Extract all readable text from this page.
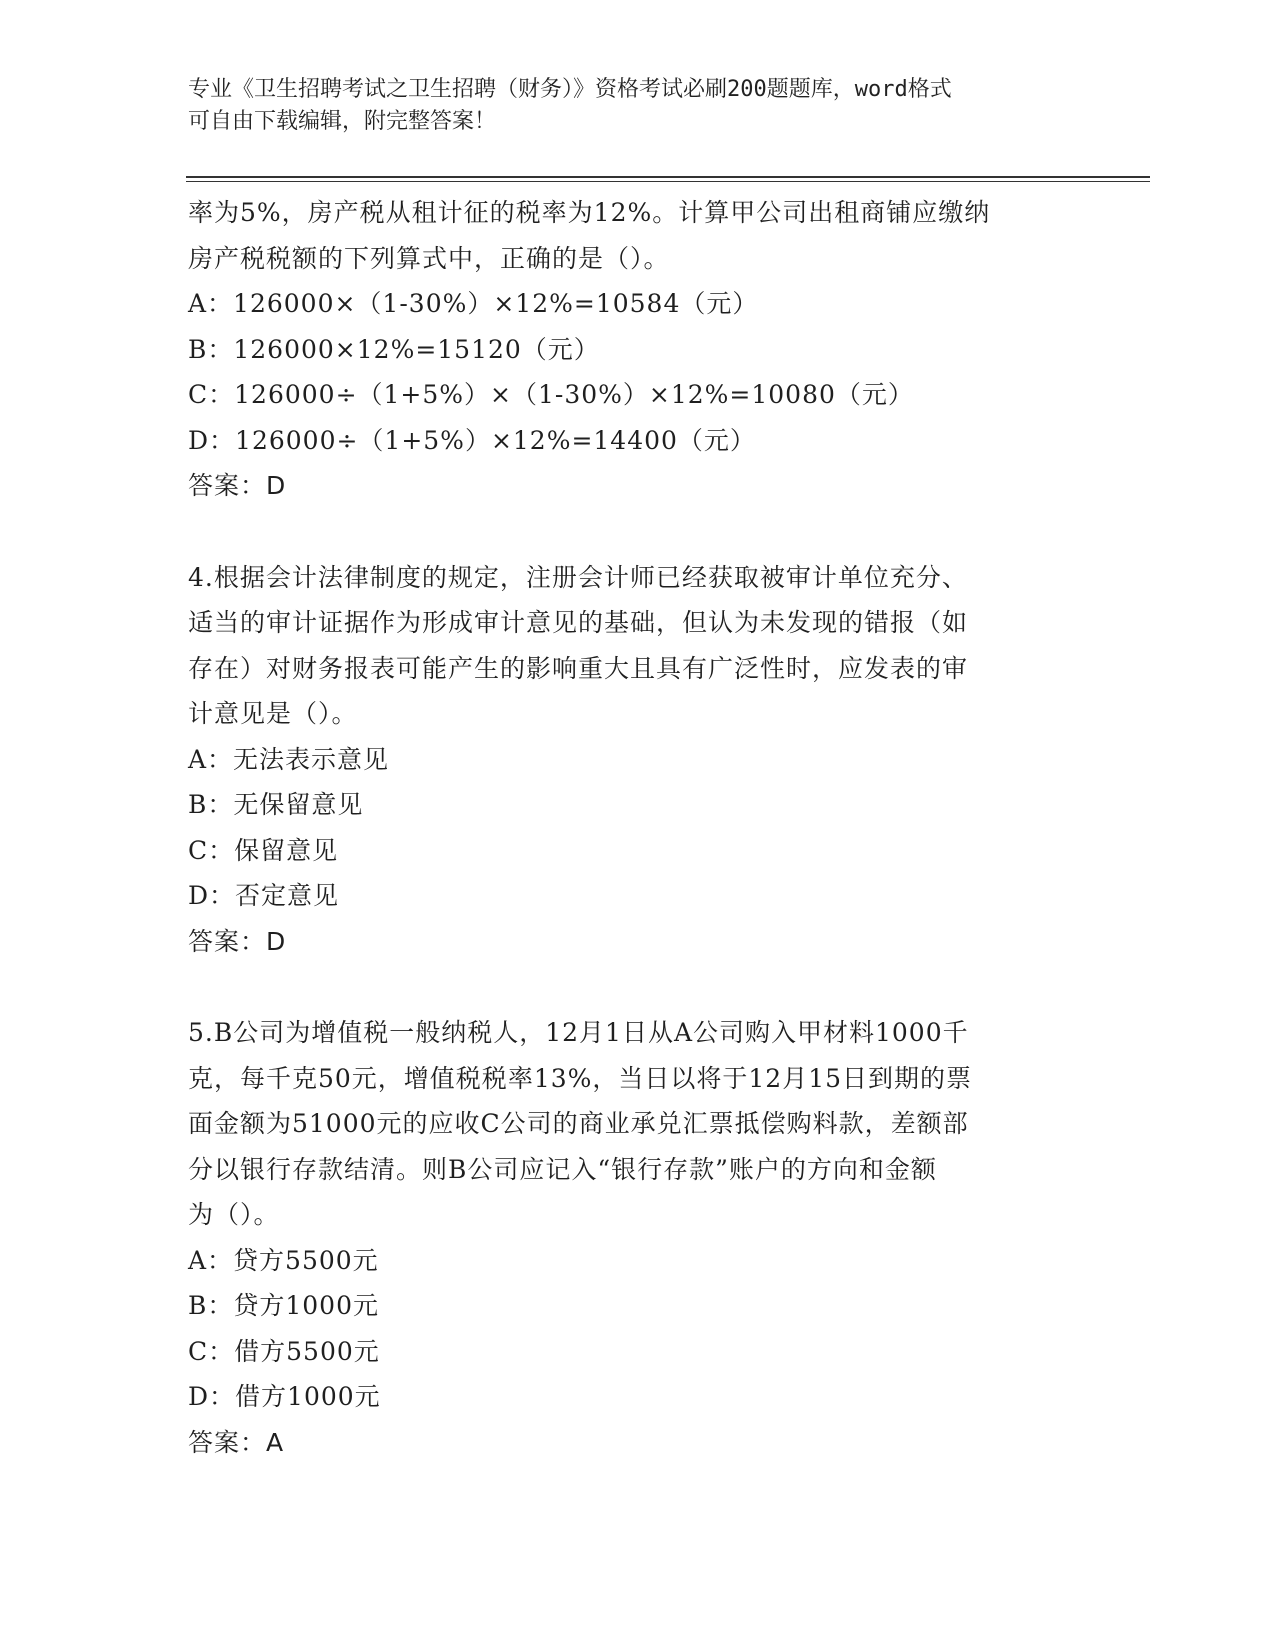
专业《卫生招聘考试之卫生招聘（财务）》资格考试必刷200题题库，word格式
可自由下载编辑，附完整答案！

率为5%，房产税从租计征的税率为12%。计算甲公司出租商铺应缴纳

房产税税额的下列算式中，正确的是（）。

A：126000×（1-30%）×12%=10584（元）

B：126000×12%=15120（元）

C：126000÷（1+5%）×（1-30%）×12%=10080（元）

D：126000÷（1+5%）×12%=14400（元）

答案：D

4.根据会计法律制度的规定，注册会计师已经获取被审计单位充分、

适当的审计证据作为形成审计意见的基础，但认为未发现的错报（如

存在）对财务报表可能产生的影响重大且具有广泛性时，应发表的审

计意见是（）。

A：无法表示意见

B：无保留意见

C：保留意见

D：否定意见

答案：D

5.B公司为增值税一般纳税人，12月1日从A公司购入甲材料1000千

克，每千克50元，增值税税率13%，当日以将于12月15日到期的票

面金额为51000元的应收C公司的商业承兑汇票抵偿购料款，差额部

分以银行存款结清。则B公司应记入“银行存款”账户的方向和金额

为（）。

A：贷方5500元

B：贷方1000元

C：借方5500元

D：借方1000元

答案：A
